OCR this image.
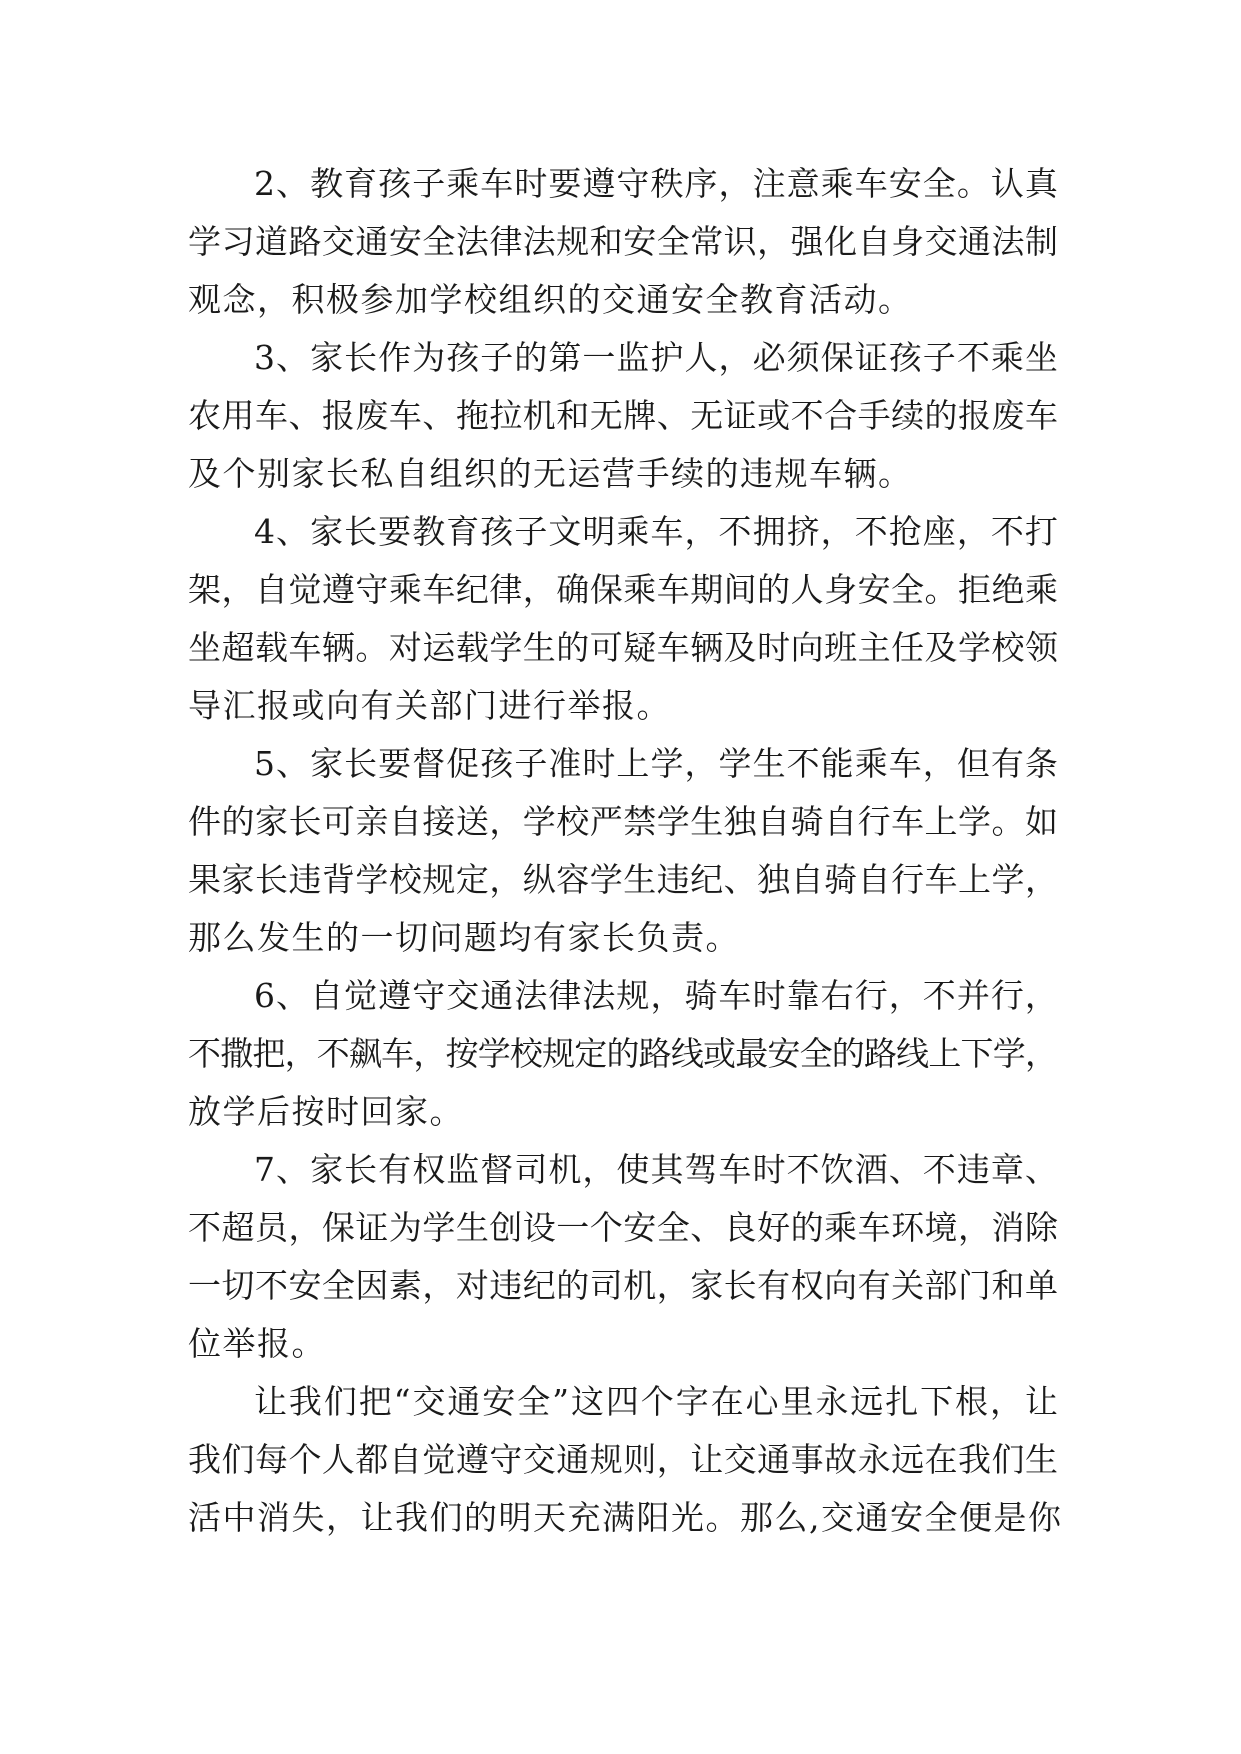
2、教育孩子乘车时要遵守秩序，注意乘车安全。认真
学习道路交通安全法律法规和安全常识，强化自身交通法制
观念，积极参加学校组织的交通安全教育活动。
3、家长作为孩子的第一监护人，必须保证孩子不乘坐
农用车、报废车、拖拉机和无牌、无证或不合手续的报废车
及个别家长私自组织的无运营手续的违规车辆。
4、家长要教育孩子文明乘车，不拥挤，不抢座，不打
架，自觉遵守乘车纪律，确保乘车期间的人身安全。拒绝乘
坐超载车辆。对运载学生的可疑车辆及时向班主任及学校领
导汇报或向有关部门进行举报。
5、家长要督促孩子准时上学，学生不能乘车，但有条
件的家长可亲自接送，学校严禁学生独自骑自行车上学。如
果家长违背学校规定，纵容学生违纪、独自骑自行车上学，
那么发生的一切问题均有家长负责。
6、自觉遵守交通法律法规，骑车时靠右行，不并行，
不撒把，不飙车，按学校规定的路线或最安全的路线上下学，
放学后按时回家。
7、家长有权监督司机，使其驾车时不饮酒、不违章、
不超员，保证为学生创设一个安全、良好的乘车环境，消除
一切不安全因素，对违纪的司机，家长有权向有关部门和单
位举报。
让我们把“交通安全”这四个字在心里永远扎下根，让
我们每个人都自觉遵守交通规则，让交通事故永远在我们生
活中消失，让我们的明天充满阳光。那么,交通安全便是你
